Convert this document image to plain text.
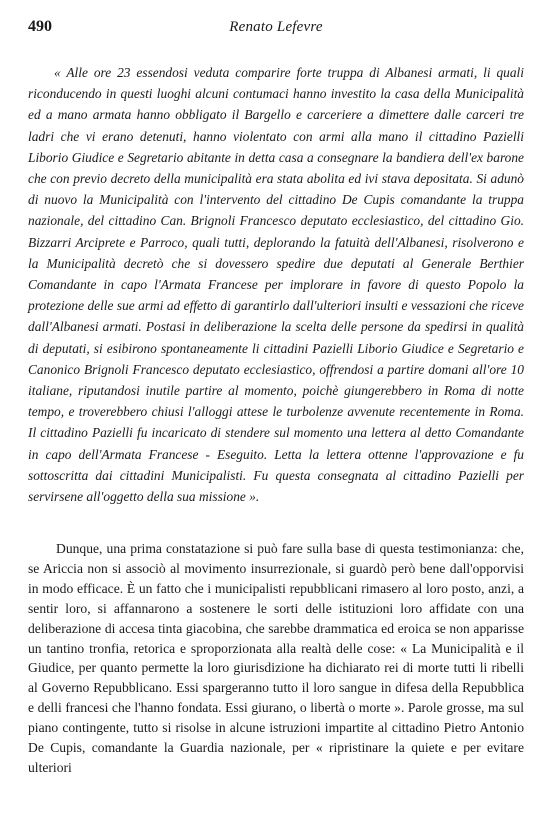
490	Renato Lefevre

« Alle ore 23 essendosi veduta comparire forte truppa di Albanesi armati, li quali riconducendo in questi luoghi alcuni contumaci hanno investito la casa della Municipalità ed a mano armata hanno obbligato il Bargello e carceriere a dimettere dalle carceri tre ladri che vi erano detenuti, hanno violentato con armi alla mano il cittadino Pazielli Liborio Giudice e Segretario abitante in detta casa a consegnare la bandiera dell'ex barone che con previo decreto della municipalità era stata abolita ed ivi stava depositata. Si adunò di nuovo la Municipalità con l'intervento del cittadino De Cupis comandante la truppa nazionale, del cittadino Can. Brignoli Francesco deputato ecclesiastico, del cittadino Gio. Bizzarri Arciprete e Parroco, quali tutti, deplorando la fatuità dell'Albanesi, risolverono e la Municipalità decretò che si dovessero spedire due deputati al Generale Berthier Comandante in capo l'Armata Francese per implorare in favore di questo Popolo la protezione delle sue armi ad effetto di garantirlo dall'ulteriori insulti e vessazioni che riceve dall'Albanesi armati. Postasi in deliberazione la scelta delle persone da spedirsi in qualità di deputati, si esibirono spontaneamente li cittadini Pazielli Liborio Giudice e Segretario e Canonico Brignoli Francesco deputato ecclesiastico, offrendosi a partire domani all'ore 10 italiane, riputandosi inutile partire al momento, poichè giungerebbero in Roma di notte tempo, e troverebbero chiusi l'alloggi attese le turbolenze avvenute recentemente in Roma. Il cittadino Pazielli fu incaricato di stendere sul momento una lettera al detto Comandante in capo dell'Armata Francese - Eseguito. Letta la lettera ottenne l'approvazione e fu sottoscritta dai cittadini Municipalisti. Fu questa consegnata al cittadino Pazielli per servirsene all'oggetto della sua missione ».

Dunque, una prima constatazione si può fare sulla base di questa testimonianza: che, se Ariccia non si associò al movimento insurrezionale, si guardò però bene dall'opporvisi in modo efficace. È un fatto che i municipalisti repubblicani rimasero al loro posto, anzi, a sentir loro, si affannarono a sostenere le sorti delle istituzioni loro affidate con una deliberazione di accesa tinta giacobina, che sarebbe drammatica ed eroica se non apparisse un tantino tronfia, retorica e sproporzionata alla realtà delle cose: « La Municipalità e il Giudice, per quanto permette la loro giurisdizione ha dichiarato rei di morte tutti li ribelli al Governo Repubblicano. Essi spargeranno tutto il loro sangue in difesa della Repubblica e delli francesi che l'hanno fondata. Essi giurano, o libertà o morte ». Parole grosse, ma sul piano contingente, tutto si risolse in alcune istruzioni impartite al cittadino Pietro Antonio De Cupis, comandante la Guardia nazionale, per « ripristinare la quiete e per evitare ulteriori
